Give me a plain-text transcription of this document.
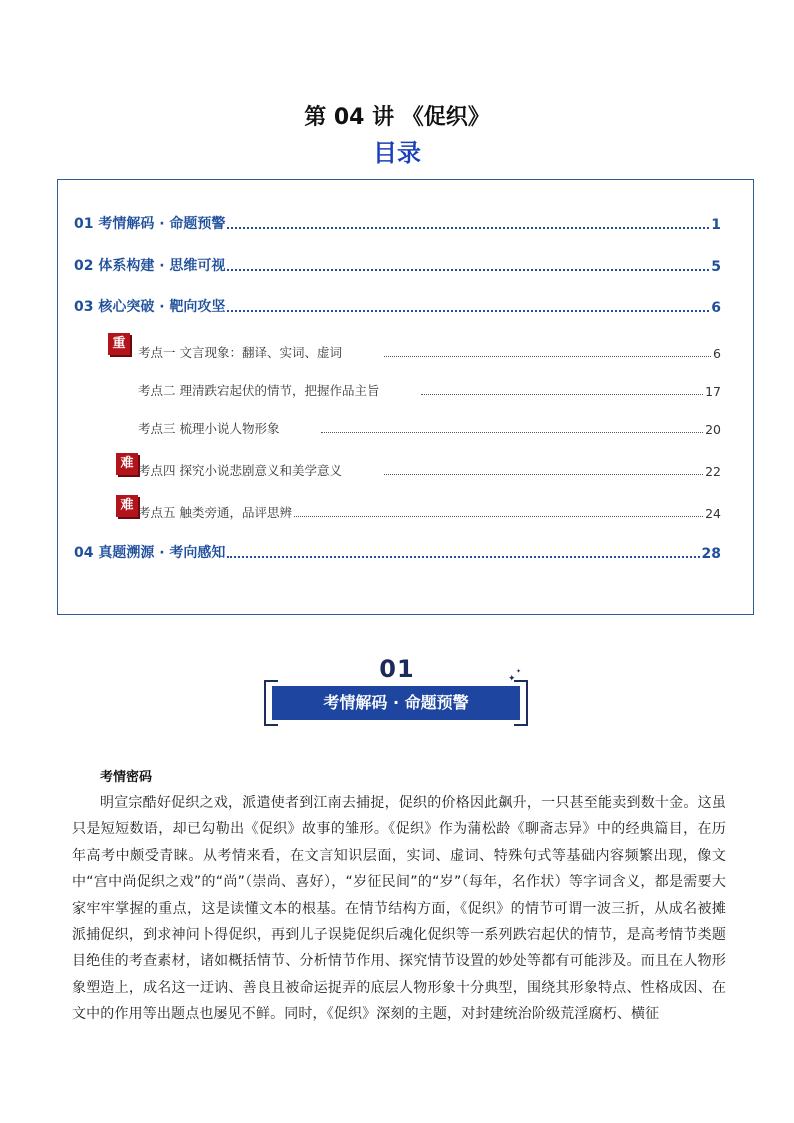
第 04 讲 《促织》
目录
01 考情解码 · 命题预警	1
02 体系构建 · 思维可视	5
03 核心突破 · 靶向攻坚	6
重
考点一 文言现象：翻译、实词、虚词	6
考点二 理清跌宕起伏的情节，把握作品主旨	17
考点三 梳理小说人物形象	20
难 考点四 探究小说悲剧意义和美学意义	22
难 考点五 触类旁通，品评思辨	24
04 真题溯源 · 考向感知	28
01
考情解码 · 命题预警
✦
✦
考情密码
明宣宗酷好促织之戏，派遣使者到江南去捕捉，促织的价格因此飙升，一只甚至能卖到数十金。这虽只是短短数语，却已勾勒出《促织》故事的雏形。《促织》作为蒲松龄《聊斋志异》中的经典篇目，在历年高考中颇受青睐。从考情来看，在文言知识层面，实词、虚词、特殊句式等基础内容频繁出现，像文中“宫中尚促织之戏”的“尚”（崇尚、喜好），“岁征民间”的“岁”（每年，名作状）等字词含义，都是需要大家牢牢掌握的重点，这是读懂文本的根基。在情节结构方面，《促织》的情节可谓一波三折，从成名被摊派捕促织，到求神问卜得促织，再到儿子误毙促织后魂化促织等一系列跌宕起伏的情节，是高考情节类题目绝佳的考查素材，诸如概括情节、分析情节作用、探究情节设置的妙处等都有可能涉及。而且在人物形象塑造上，成名这一迂讷、善良且被命运捉弄的底层人物形象十分典型，围绕其形象特点、性格成因、在文中的作用等出题点也屡见不鲜。同时，《促织》深刻的主题，对封建统治阶级荒淫腐朽、横征
